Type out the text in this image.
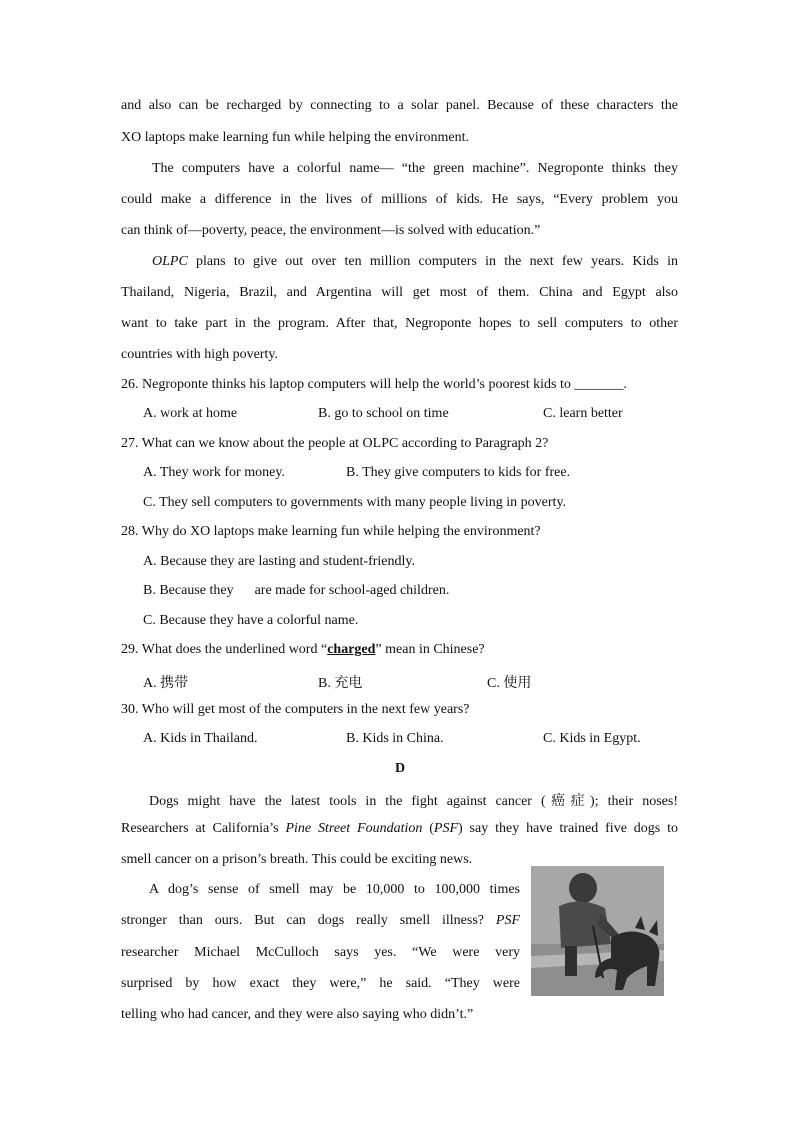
and also can be recharged by connecting to a solar panel. Because of these characters the
XO laptops make learning fun while helping the environment.
The computers have a colorful name— “the green machine”. Negroponte thinks they
could make a difference in the lives of millions of kids. He says, “Every problem you
can think of—poverty, peace, the environment—is solved with education.”
OLPC plans to give out over ten million computers in the next few years. Kids in
Thailand, Nigeria, Brazil, and Argentina will get most of them. China and Egypt also
want to take part in the program. After that, Negroponte hopes to sell computers to other
countries with high poverty.
26. Negroponte thinks his laptop computers will help the world’s poorest kids to _______.
A. work at home	B. go to school on time	C. learn better
27. What can we know about the people at OLPC according to Paragraph 2?
A. They work for money.	B. They give computers to kids for free.
C. They sell computers to governments with many people living in poverty.
28. Why do XO laptops make learning fun while helping the environment?
A. Because they are lasting and student-friendly.
B. Because they      are made for school-aged children.
C. Because they have a colorful name.
29. What does the underlined word “charged” mean in Chinese?
A. 携带	B. 充电	C. 使用
30. Who will get most of the computers in the next few years?
A. Kids in Thailand.	B. Kids in China.	C. Kids in Egypt.
D
Dogs might have the latest tools in the fight against cancer (癌症); their noses!
Researchers at California’s Pine Street Foundation (PSF) say they have trained five dogs to
smell cancer on a prison’s breath. This could be exciting news.
A dog’s sense of smell may be 10,000 to 100,000 times
stronger than ours. But can dogs really smell illness? PSF
researcher Michael McCulloch says yes. “We were very
surprised by how exact they were,” he said. “They were
telling who had cancer, and they were also saying who didn’t.”
